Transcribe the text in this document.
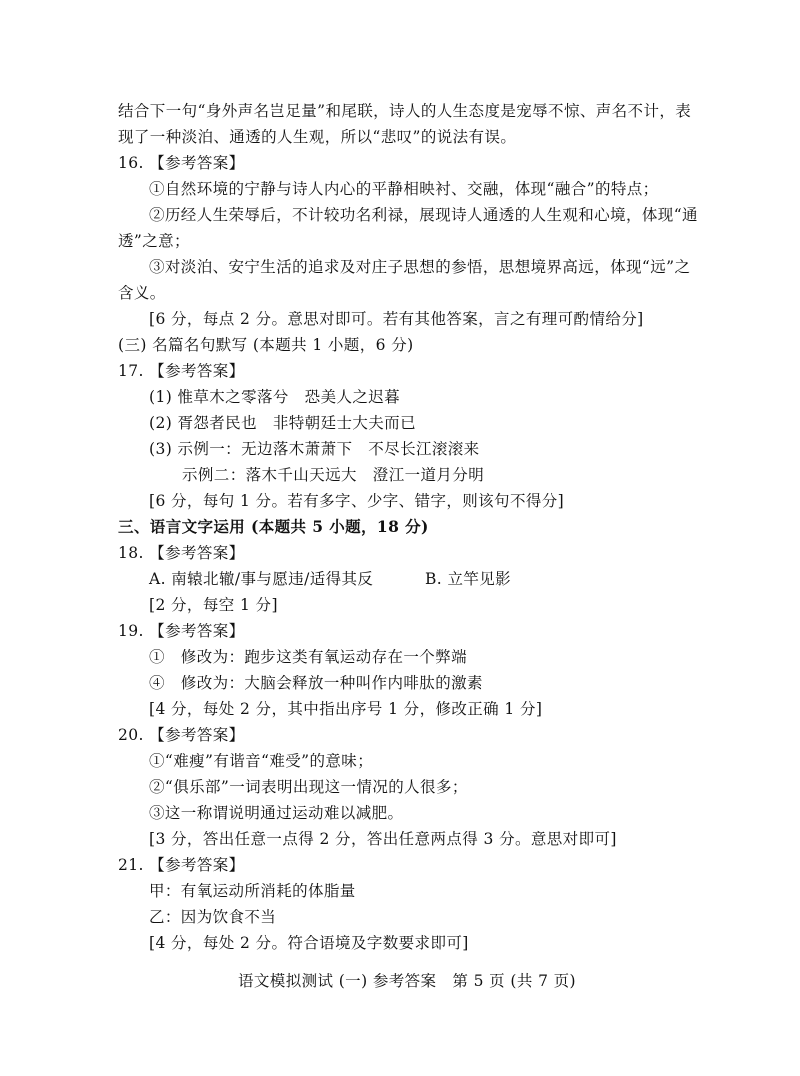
结合下一句“身外声名岂足量”和尾联，诗人的人生态度是宠辱不惊、声名不计，表
现了一种淡泊、通透的人生观，所以“悲叹”的说法有误。
16. 【参考答案】
①自然环境的宁静与诗人内心的平静相映衬、交融，体现“融合”的特点；
②历经人生荣辱后，不计较功名利禄，展现诗人通透的人生观和心境，体现“通
透”之意；
③对淡泊、安宁生活的追求及对庄子思想的参悟，思想境界高远，体现“远”之
含义。
[6 分，每点 2 分。意思对即可。若有其他答案，言之有理可酌情给分]
(三) 名篇名句默写 (本题共 1 小题，6 分)
17. 【参考答案】
(1) 惟草木之零落兮　恐美人之迟暮
(2) 胥怨者民也　非特朝廷士大夫而已
(3) 示例一：无边落木萧萧下　不尽长江滚滚来
示例二：落木千山天远大　澄江一道月分明
[6 分，每句 1 分。若有多字、少字、错字，则该句不得分]
三、语言文字运用 (本题共 5 小题，18 分)
18. 【参考答案】
A. 南辕北辙/事与愿违/适得其反	B. 立竿见影
[2 分，每空 1 分]
19. 【参考答案】
①　修改为：跑步这类有氧运动存在一个弊端
④　修改为：大脑会释放一种叫作内啡肽的激素
[4 分，每处 2 分，其中指出序号 1 分，修改正确 1 分]
20. 【参考答案】
①“难瘦”有谐音“难受”的意味；
②“俱乐部”一词表明出现这一情况的人很多；
③这一称谓说明通过运动难以减肥。
[3 分，答出任意一点得 2 分，答出任意两点得 3 分。意思对即可]
21. 【参考答案】
甲：有氧运动所消耗的体脂量
乙：因为饮食不当
[4 分，每处 2 分。符合语境及字数要求即可]
语文模拟测试 (一) 参考答案　第 5 页 (共 7 页)
